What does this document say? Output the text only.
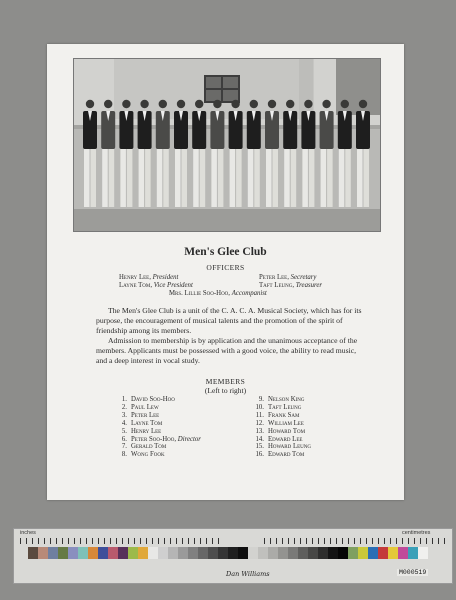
Men's Glee Club
OFFICERS
Henry Lee, President	Peter Lee, Secretary
Layne Tom, Vice President	Taft Leung, Treasurer
Mrs. Lillie Soo-Hoo, Accompanist

The Men's Glee Club is a unit of the C. A. C. A. Musical Society, which has for its purpose, the encouragement of musical talents and the promotion of the spirit of friendship among its members.

Admission to membership is by application and the unanimous acceptance of the members. Applicants must be possessed with a good voice, the ability to read music, and a deep interest in vocal study.

MEMBERS
(Left to right)
1. David Soo-Hoo
2. Paul Lew
3. Peter Lee
4. Layne Tom
5. Henry Lee
6. Peter Soo-Hoo, Director
7. Gerald Tom
8. Wong Fook
9. Nelson King
10. Taft Leung
11. Frank Sam
12. William Lee
13. Howard Tom
14. Edward Lee
15. Howard Leung
16. Edward Tom
inches	centimetres
Dan Williams	M000519
